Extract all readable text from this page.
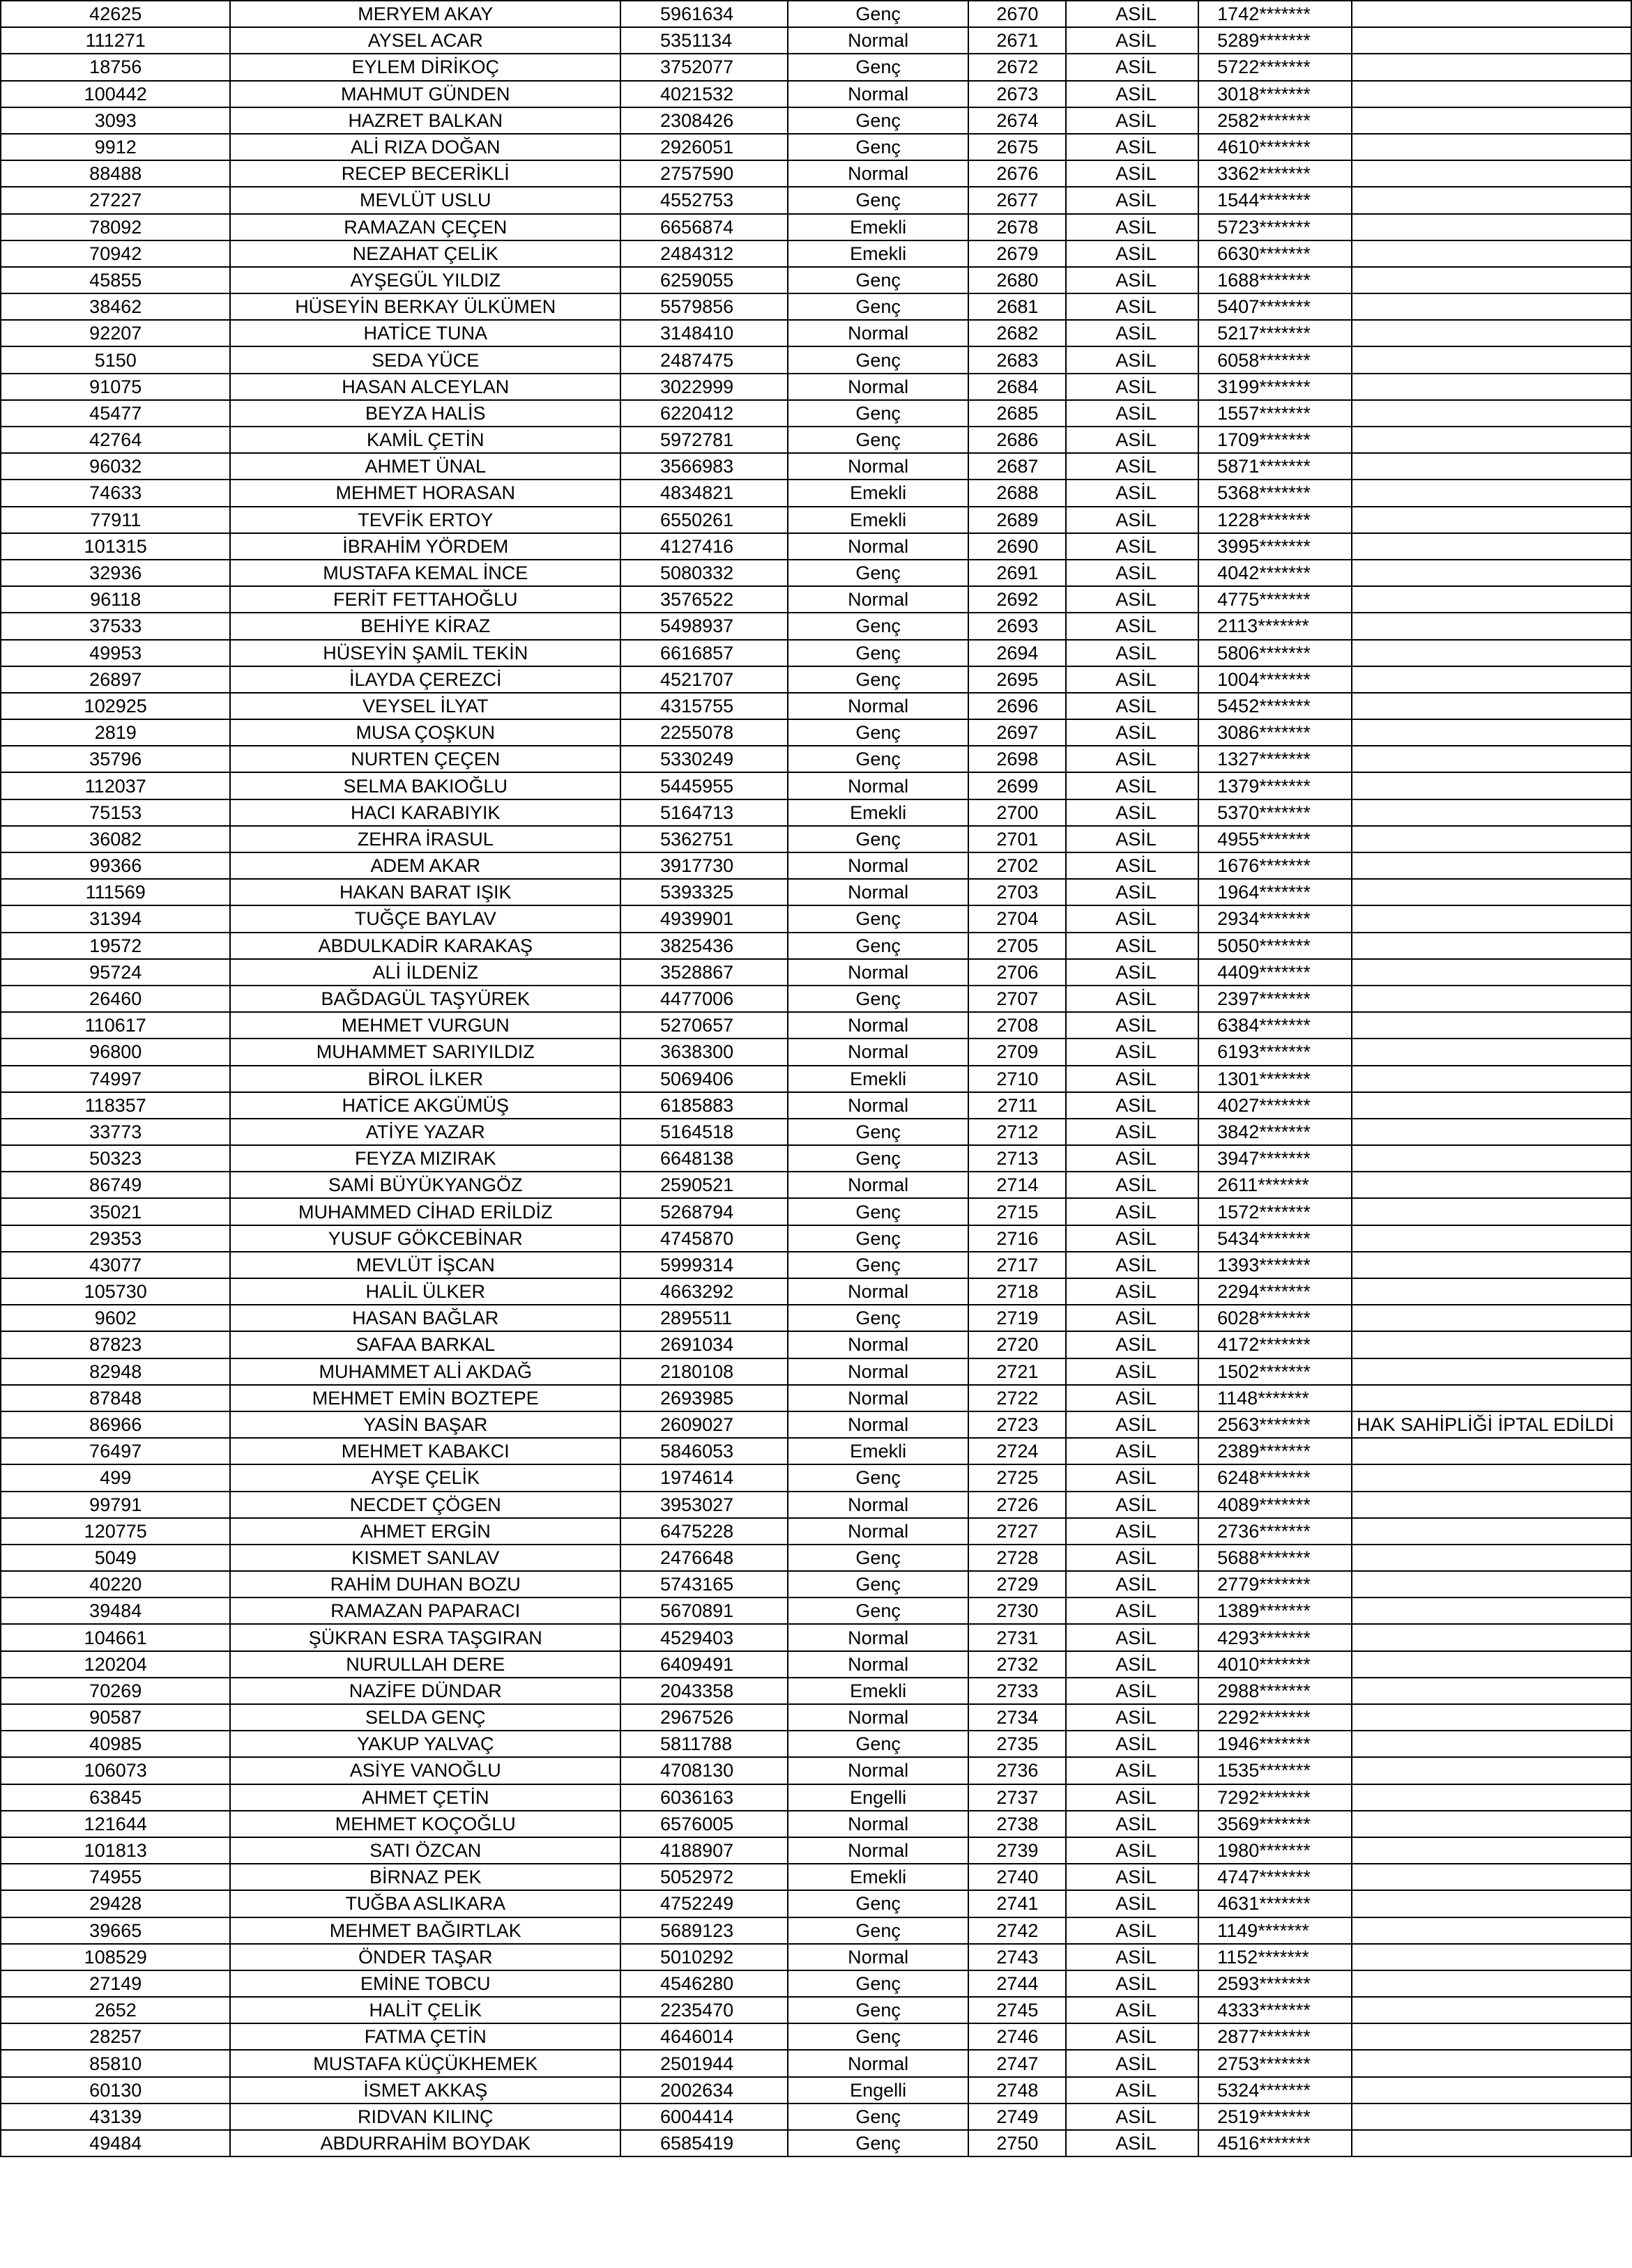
42625	MERYEM AKAY	5961634	Genç	2670	ASİL	1742*******	
111271	AYSEL ACAR	5351134	Normal	2671	ASİL	5289*******	
18756	EYLEM DİRİKOÇ	3752077	Genç	2672	ASİL	5722*******	
100442	MAHMUT GÜNDEN	4021532	Normal	2673	ASİL	3018*******	
3093	HAZRET BALKAN	2308426	Genç	2674	ASİL	2582*******	
9912	ALİ RIZA DOĞAN	2926051	Genç	2675	ASİL	4610*******	
88488	RECEP BECERİKLİ	2757590	Normal	2676	ASİL	3362*******	
27227	MEVLÜT USLU	4552753	Genç	2677	ASİL	1544*******	
78092	RAMAZAN ÇEÇEN	6656874	Emekli	2678	ASİL	5723*******	
70942	NEZAHAT ÇELİK	2484312	Emekli	2679	ASİL	6630*******	
45855	AYŞEGÜL YILDIZ	6259055	Genç	2680	ASİL	1688*******	
38462	HÜSEYİN BERKAY ÜLKÜMEN	5579856	Genç	2681	ASİL	5407*******	
92207	HATİCE TUNA	3148410	Normal	2682	ASİL	5217*******	
5150	SEDA YÜCE	2487475	Genç	2683	ASİL	6058*******	
91075	HASAN ALCEYLAN	3022999	Normal	2684	ASİL	3199*******	
45477	BEYZA HALİS	6220412	Genç	2685	ASİL	1557*******	
42764	KAMİL ÇETİN	5972781	Genç	2686	ASİL	1709*******	
96032	AHMET ÜNAL	3566983	Normal	2687	ASİL	5871*******	
74633	MEHMET HORASAN	4834821	Emekli	2688	ASİL	5368*******	
77911	TEVFİK ERTOY	6550261	Emekli	2689	ASİL	1228*******	
101315	İBRAHİM YÖRDEM	4127416	Normal	2690	ASİL	3995*******	
32936	MUSTAFA KEMAL İNCE	5080332	Genç	2691	ASİL	4042*******	
96118	FERİT FETTAHOĞLU	3576522	Normal	2692	ASİL	4775*******	
37533	BEHİYE KİRAZ	5498937	Genç	2693	ASİL	2113*******	
49953	HÜSEYİN ŞAMİL TEKİN	6616857	Genç	2694	ASİL	5806*******	
26897	İLAYDA ÇEREZCİ	4521707	Genç	2695	ASİL	1004*******	
102925	VEYSEL İLYAT	4315755	Normal	2696	ASİL	5452*******	
2819	MUSA ÇOŞKUN	2255078	Genç	2697	ASİL	3086*******	
35796	NURTEN ÇEÇEN	5330249	Genç	2698	ASİL	1327*******	
112037	SELMA BAKIOĞLU	5445955	Normal	2699	ASİL	1379*******	
75153	HACI KARABIYIK	5164713	Emekli	2700	ASİL	5370*******	
36082	ZEHRA İRASUL	5362751	Genç	2701	ASİL	4955*******	
99366	ADEM AKAR	3917730	Normal	2702	ASİL	1676*******	
111569	HAKAN BARAT IŞIK	5393325	Normal	2703	ASİL	1964*******	
31394	TUĞÇE BAYLAV	4939901	Genç	2704	ASİL	2934*******	
19572	ABDULKADİR KARAKAŞ	3825436	Genç	2705	ASİL	5050*******	
95724	ALİ İLDENİZ	3528867	Normal	2706	ASİL	4409*******	
26460	BAĞDAGÜL TAŞYÜREK	4477006	Genç	2707	ASİL	2397*******	
110617	MEHMET VURGUN	5270657	Normal	2708	ASİL	6384*******	
96800	MUHAMMET SARIYILDIZ	3638300	Normal	2709	ASİL	6193*******	
74997	BİROL İLKER	5069406	Emekli	2710	ASİL	1301*******	
118357	HATİCE AKGÜMÜŞ	6185883	Normal	2711	ASİL	4027*******	
33773	ATİYE YAZAR	5164518	Genç	2712	ASİL	3842*******	
50323	FEYZA MIZIRAK	6648138	Genç	2713	ASİL	3947*******	
86749	SAMİ BÜYÜKYANGÖZ	2590521	Normal	2714	ASİL	2611*******	
35021	MUHAMMED CİHAD ERİLDİZ	5268794	Genç	2715	ASİL	1572*******	
29353	YUSUF GÖKCEBİNAR	4745870	Genç	2716	ASİL	5434*******	
43077	MEVLÜT İŞCAN	5999314	Genç	2717	ASİL	1393*******	
105730	HALİL ÜLKER	4663292	Normal	2718	ASİL	2294*******	
9602	HASAN BAĞLAR	2895511	Genç	2719	ASİL	6028*******	
87823	SAFAA BARKAL	2691034	Normal	2720	ASİL	4172*******	
82948	MUHAMMET ALİ AKDAĞ	2180108	Normal	2721	ASİL	1502*******	
87848	MEHMET EMİN BOZTEPE	2693985	Normal	2722	ASİL	1148*******	
86966	YASİN BAŞAR	2609027	Normal	2723	ASİL	2563*******	HAK SAHİPLİĞİ İPTAL EDİLDİ
76497	MEHMET KABAKCI	5846053	Emekli	2724	ASİL	2389*******	
499	AYŞE ÇELİK	1974614	Genç	2725	ASİL	6248*******	
99791	NECDET ÇÖGEN	3953027	Normal	2726	ASİL	4089*******	
120775	AHMET ERGİN	6475228	Normal	2727	ASİL	2736*******	
5049	KISMET SANLAV	2476648	Genç	2728	ASİL	5688*******	
40220	RAHİM DUHAN BOZU	5743165	Genç	2729	ASİL	2779*******	
39484	RAMAZAN PAPARACI	5670891	Genç	2730	ASİL	1389*******	
104661	ŞÜKRAN ESRA TAŞGIRAN	4529403	Normal	2731	ASİL	4293*******	
120204	NURULLAH DERE	6409491	Normal	2732	ASİL	4010*******	
70269	NAZİFE DÜNDAR	2043358	Emekli	2733	ASİL	2988*******	
90587	SELDA GENÇ	2967526	Normal	2734	ASİL	2292*******	
40985	YAKUP YALVAÇ	5811788	Genç	2735	ASİL	1946*******	
106073	ASİYE VANOĞLU	4708130	Normal	2736	ASİL	1535*******	
63845	AHMET ÇETİN	6036163	Engelli	2737	ASİL	7292*******	
121644	MEHMET KOÇOĞLU	6576005	Normal	2738	ASİL	3569*******	
101813	SATI ÖZCAN	4188907	Normal	2739	ASİL	1980*******	
74955	BİRNAZ PEK	5052972	Emekli	2740	ASİL	4747*******	
29428	TUĞBA ASLIKARA	4752249	Genç	2741	ASİL	4631*******	
39665	MEHMET BAĞIRTLAK	5689123	Genç	2742	ASİL	1149*******	
108529	ÖNDER TAŞAR	5010292	Normal	2743	ASİL	1152*******	
27149	EMİNE TOBCU	4546280	Genç	2744	ASİL	2593*******	
2652	HALİT ÇELİK	2235470	Genç	2745	ASİL	4333*******	
28257	FATMA ÇETİN	4646014	Genç	2746	ASİL	2877*******	
85810	MUSTAFA KÜÇÜKHEMEK	2501944	Normal	2747	ASİL	2753*******	
60130	İSMET AKKAŞ	2002634	Engelli	2748	ASİL	5324*******	
43139	RIDVAN KILINÇ	6004414	Genç	2749	ASİL	2519*******	
49484	ABDURRAHİM BOYDAK	6585419	Genç	2750	ASİL	4516*******	
